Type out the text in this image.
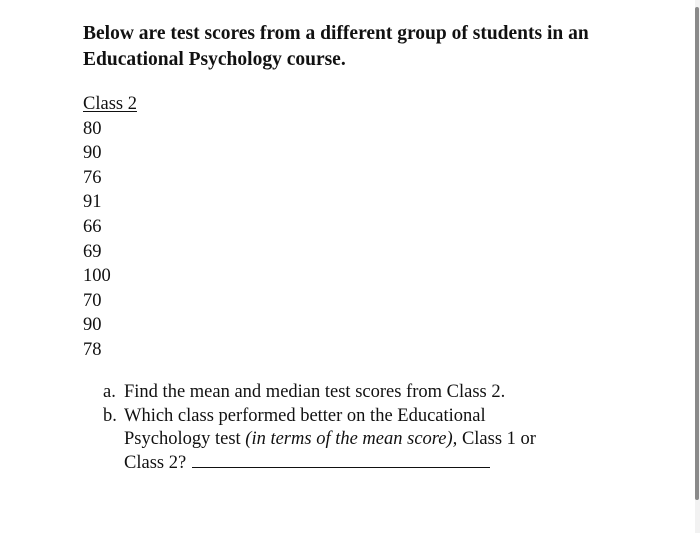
Below are test scores from a different group of students in an
Educational Psychology course.
Class 2
80
90
76
91
66
69
100
70
90
78
a. Find the mean and median test scores from Class 2.
b. Which class performed better on the Educational
Psychology test (in terms of the mean score), Class 1 or
Class 2?
